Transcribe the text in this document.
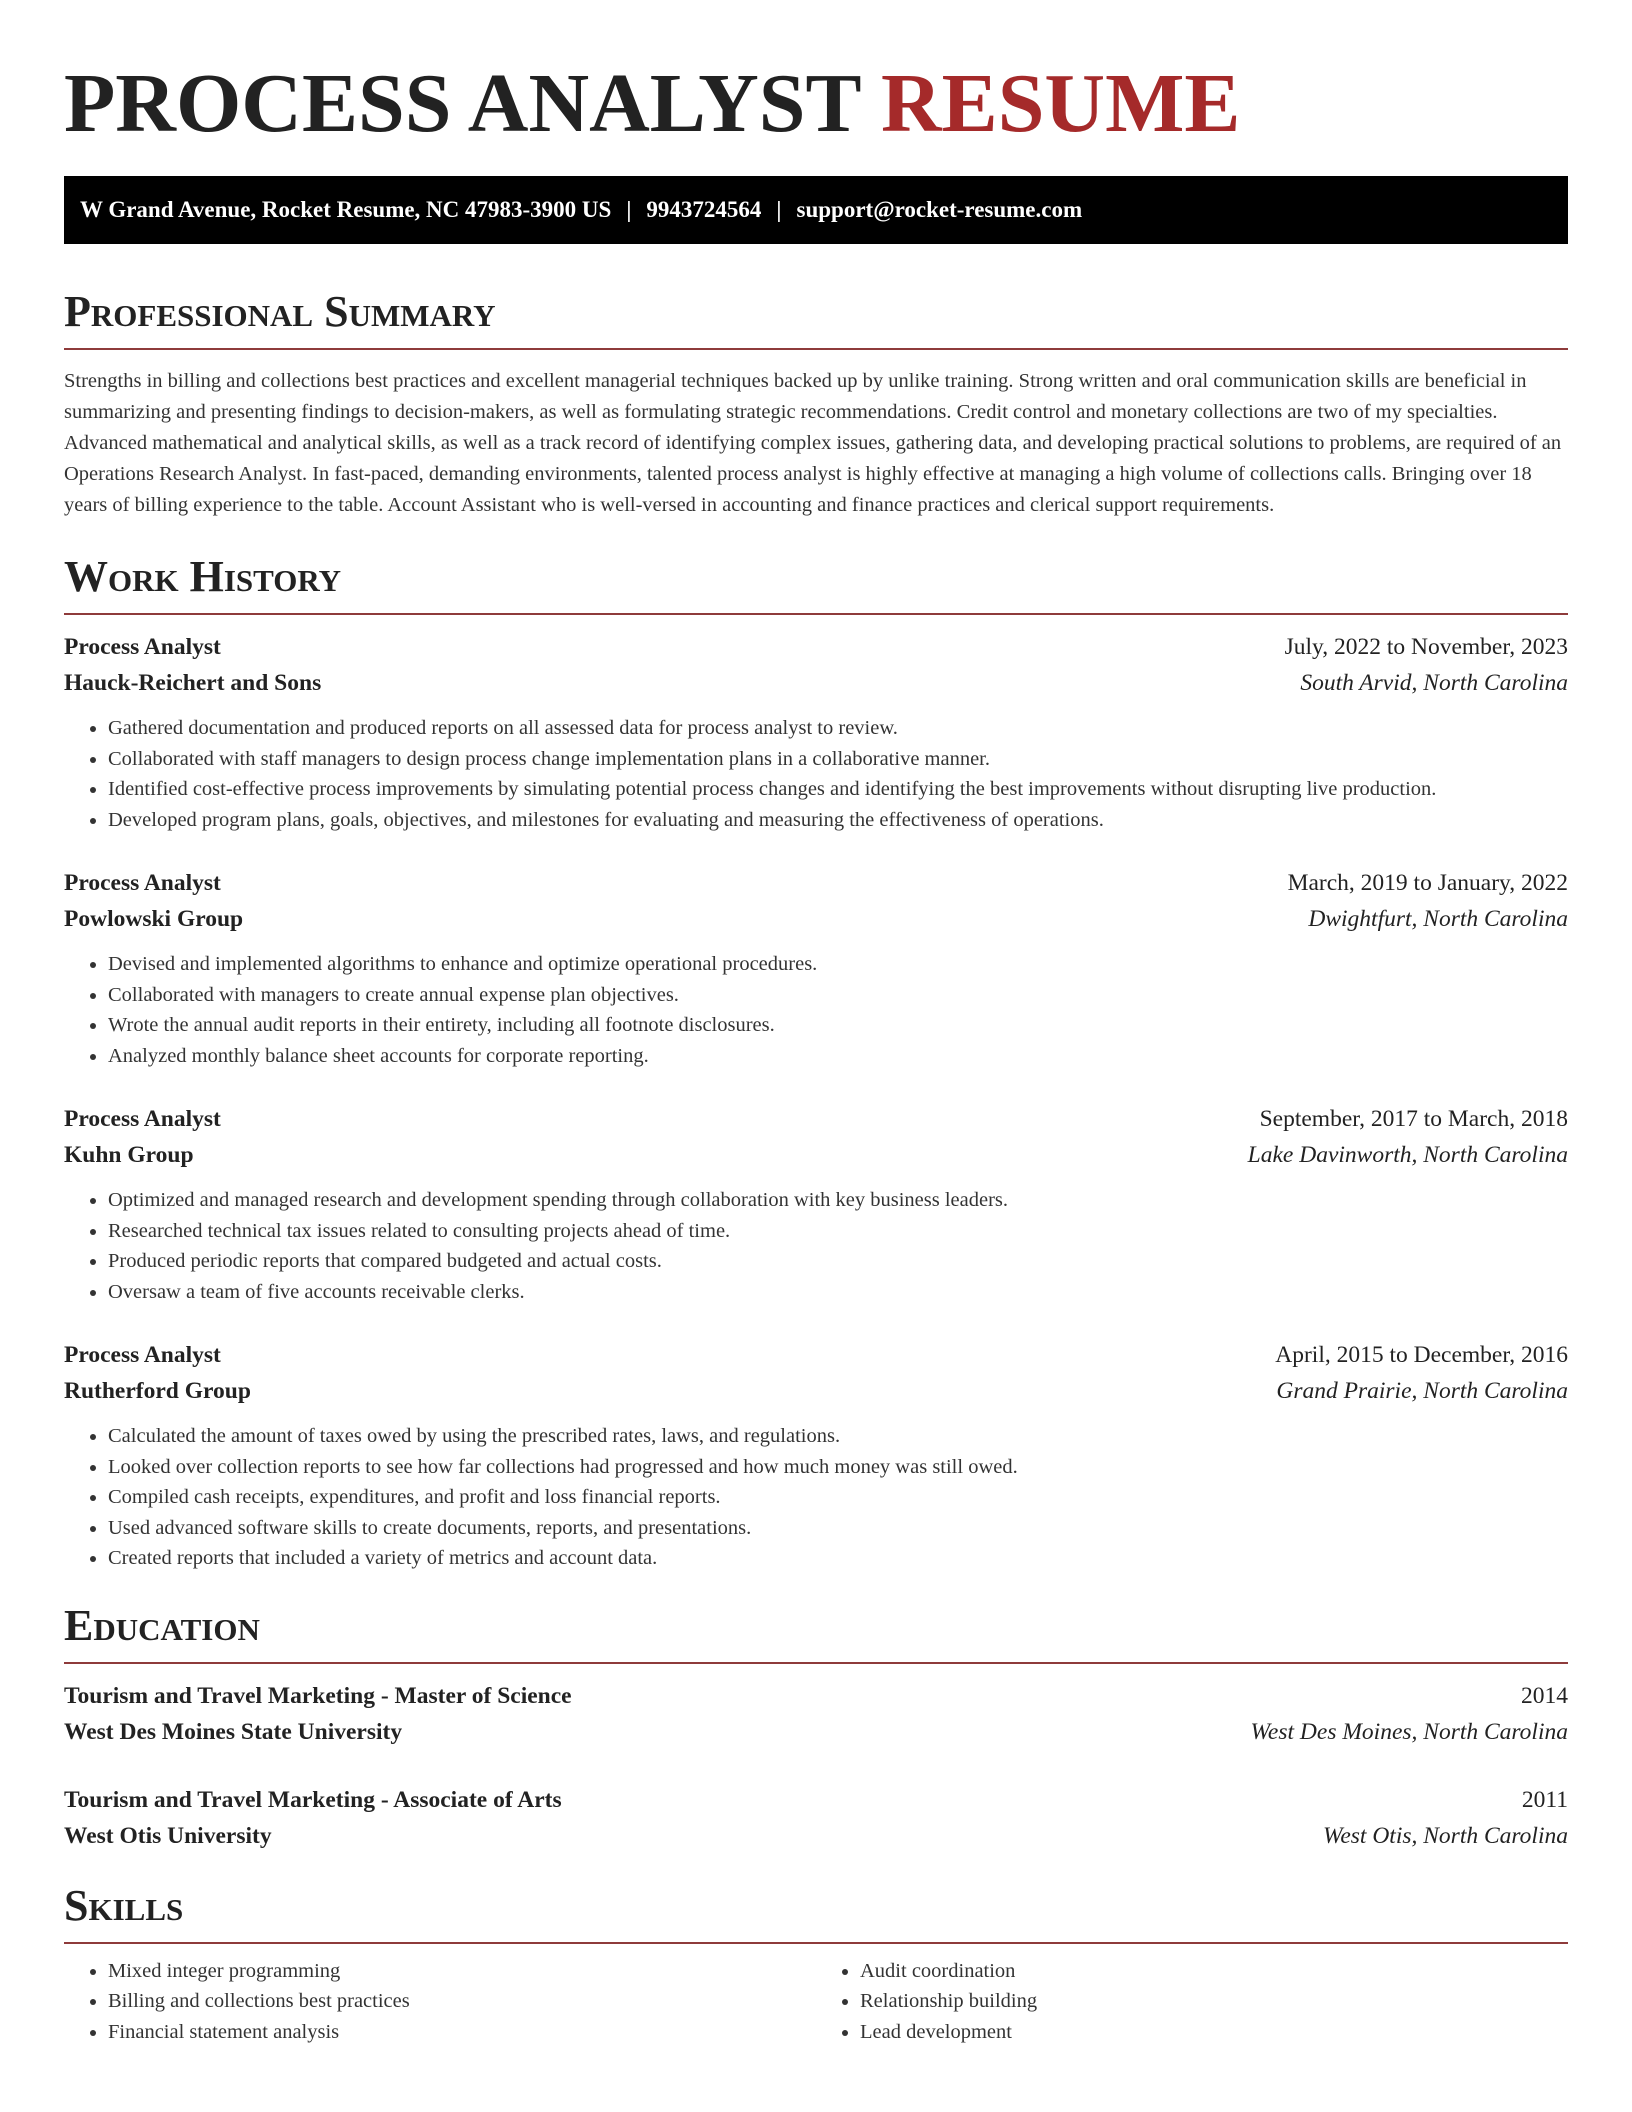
PROCESS ANALYST RESUME
W Grand Avenue, Rocket Resume, NC 47983-3900 US | 9943724564 | support@rocket-resume.com
Professional Summary

Strengths in billing and collections best practices and excellent managerial techniques backed up by unlike training. Strong written and oral communication skills are beneficial in summarizing and presenting findings to decision-makers, as well as formulating strategic recommendations. Credit control and monetary collections are two of my specialties. Advanced mathematical and analytical skills, as well as a track record of identifying complex issues, gathering data, and developing practical solutions to problems, are required of an Operations Research Analyst. In fast-paced, demanding environments, talented process analyst is highly effective at managing a high volume of collections calls. Bringing over 18 years of billing experience to the table. Account Assistant who is well-versed in accounting and finance practices and clerical support requirements.

Work History
Process Analyst	July, 2022 to November, 2023
Hauck-Reichert and Sons	South Arvid, North Carolina
• Gathered documentation and produced reports on all assessed data for process analyst to review.
• Collaborated with staff managers to design process change implementation plans in a collaborative manner.
• Identified cost-effective process improvements by simulating potential process changes and identifying the best improvements without disrupting live production.
• Developed program plans, goals, objectives, and milestones for evaluating and measuring the effectiveness of operations.
Process Analyst	March, 2019 to January, 2022
Powlowski Group	Dwightfurt, North Carolina
• Devised and implemented algorithms to enhance and optimize operational procedures.
• Collaborated with managers to create annual expense plan objectives.
• Wrote the annual audit reports in their entirety, including all footnote disclosures.
• Analyzed monthly balance sheet accounts for corporate reporting.
Process Analyst	September, 2017 to March, 2018
Kuhn Group	Lake Davinworth, North Carolina
• Optimized and managed research and development spending through collaboration with key business leaders.
• Researched technical tax issues related to consulting projects ahead of time.
• Produced periodic reports that compared budgeted and actual costs.
• Oversaw a team of five accounts receivable clerks.
Process Analyst	April, 2015 to December, 2016
Rutherford Group	Grand Prairie, North Carolina
• Calculated the amount of taxes owed by using the prescribed rates, laws, and regulations.
• Looked over collection reports to see how far collections had progressed and how much money was still owed.
• Compiled cash receipts, expenditures, and profit and loss financial reports.
• Used advanced software skills to create documents, reports, and presentations.
• Created reports that included a variety of metrics and account data.
Education
Tourism and Travel Marketing - Master of Science	2014
West Des Moines State University	West Des Moines, North Carolina
Tourism and Travel Marketing - Associate of Arts	2011
West Otis University	West Otis, North Carolina
Skills
• Mixed integer programming
• Billing and collections best practices
• Financial statement analysis
• Audit coordination
• Relationship building
• Lead development
